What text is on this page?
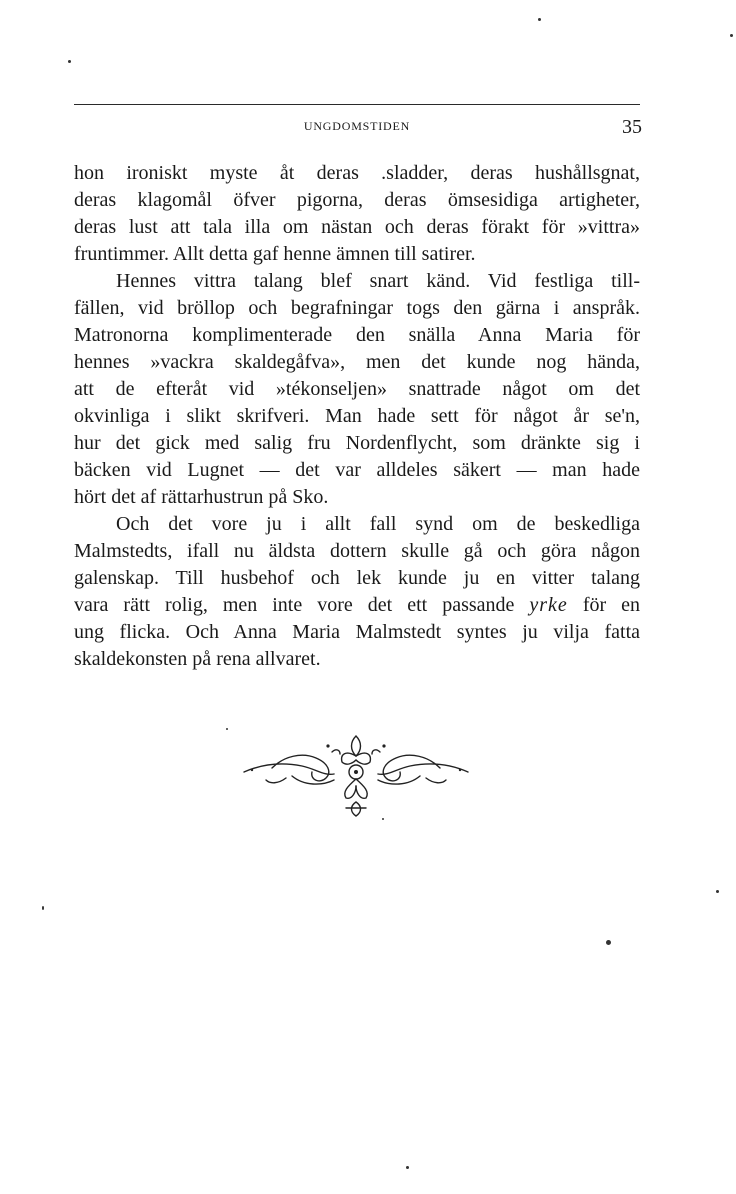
UNGDOMSTIDEN	35
hon ironiskt myste åt deras .sladder, deras hushållsgnat,
deras klagomål öfver pigorna, deras ömsesidiga artigheter,
deras lust att tala illa om nästan och deras förakt för »vittra»
fruntimmer. Allt detta gaf henne ämnen till satirer.
Hennes vittra talang blef snart känd. Vid festliga till-
fällen, vid bröllop och begrafningar togs den gärna i anspråk.
Matronorna komplimenterade den snälla Anna Maria för
hennes »vackra skaldegåfva», men det kunde nog hända,
att de efteråt vid »tékonseljen» snattrade något om det
okvinliga i slikt skrifveri. Man hade sett för något år se'n,
hur det gick med salig fru Nordenflycht, som dränkte sig i
bäcken vid Lugnet — det var alldeles säkert — man hade
hört det af rättarhustrun på Sko.
Och det vore ju i allt fall synd om de beskedliga
Malmstedts, ifall nu äldsta dottern skulle gå och göra någon
galenskap. Till husbehof och lek kunde ju en vitter talang
vara rätt rolig, men inte vore det ett passande yrke för en
ung flicka. Och Anna Maria Malmstedt syntes ju vilja fatta
skaldekonsten på rena allvaret.
